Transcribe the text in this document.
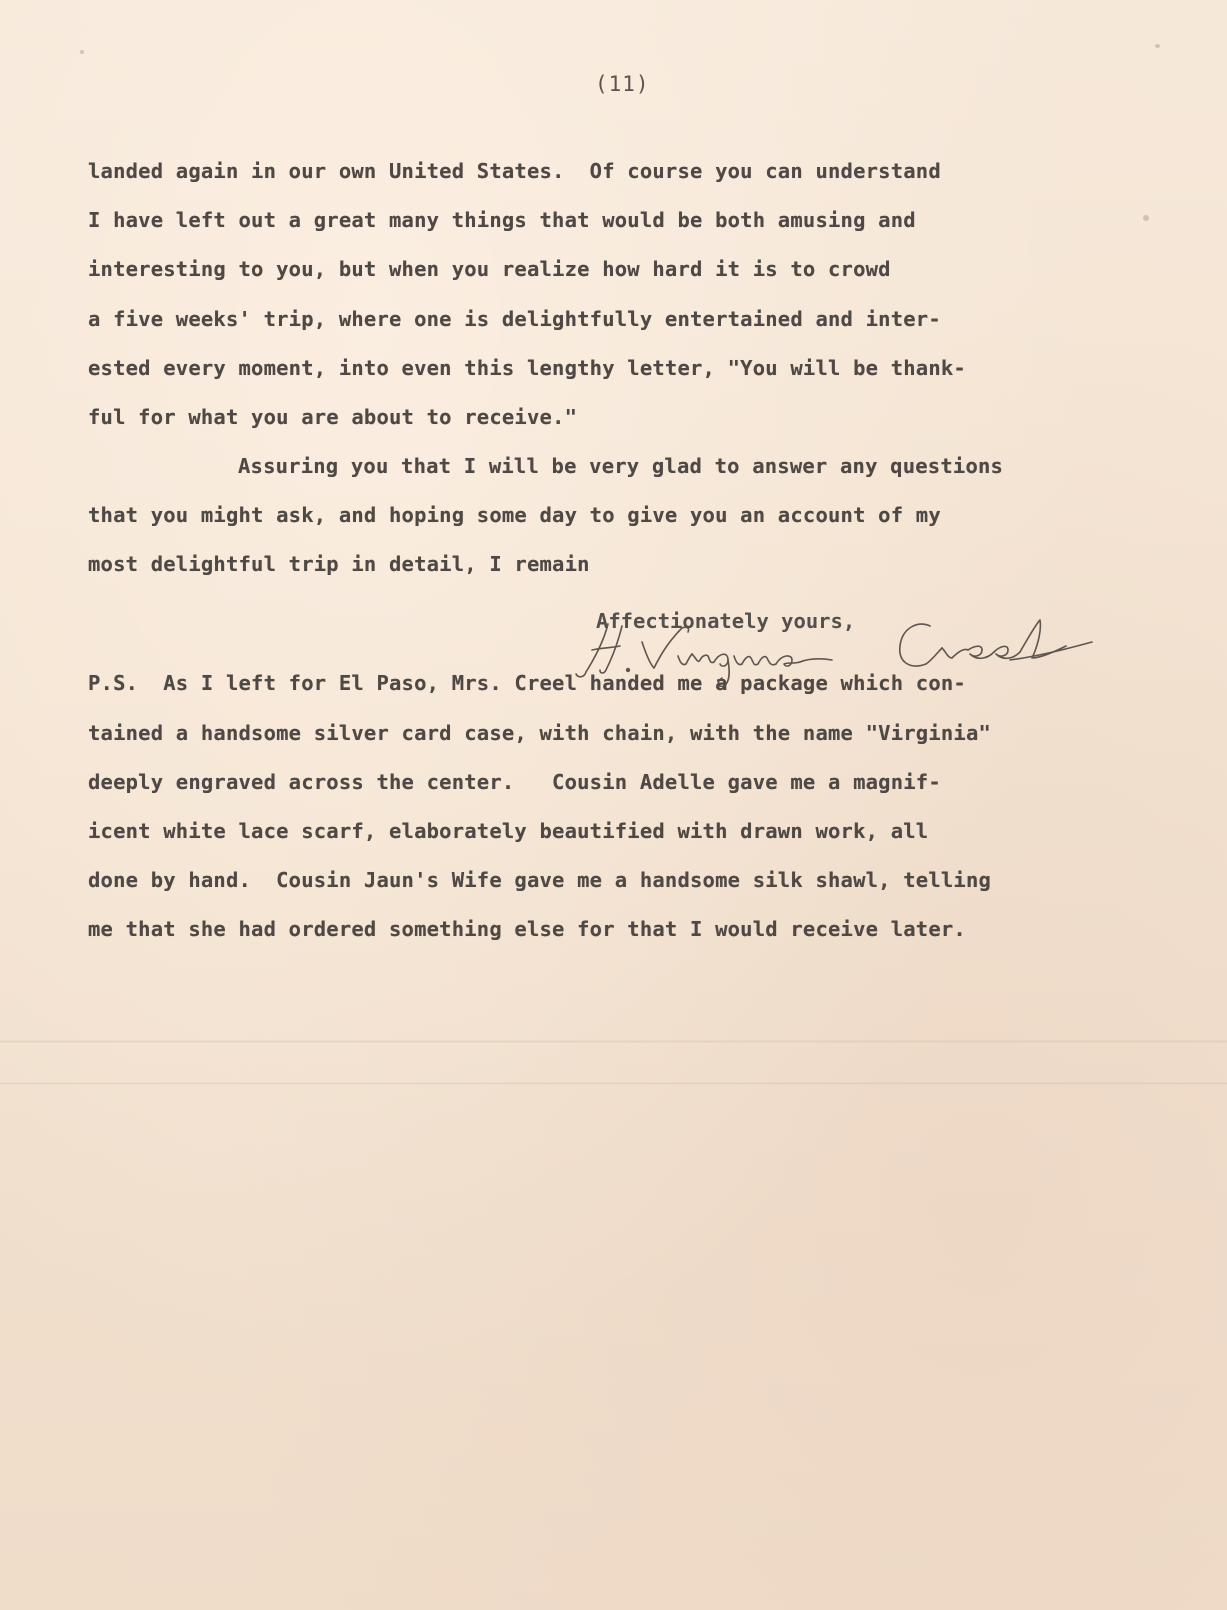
(11)
landed again in our own United States.  Of course you can understand
I have left out a great many things that would be both amusing and
interesting to you, but when you realize how hard it is to crowd
a five weeks' trip, where one is delightfully entertained and inter-
ested every moment, into even this lengthy letter, "You will be thank-
ful for what you are about to receive."
Assuring you that I will be very glad to answer any questions
that you might ask, and hoping some day to give you an account of my
most delightful trip in detail, I remain
Affectionately yours,
P.S.  As I left for El Paso, Mrs. Creel handed me a package which con-
tained a handsome silver card case, with chain, with the name "Virginia"
deeply engraved across the center.   Cousin Adelle gave me a magnif-
icent white lace scarf, elaborately beautified with drawn work, all
done by hand.  Cousin Jaun's Wife gave me a handsome silk shawl, telling
me that she had ordered something else for that I would receive later.
